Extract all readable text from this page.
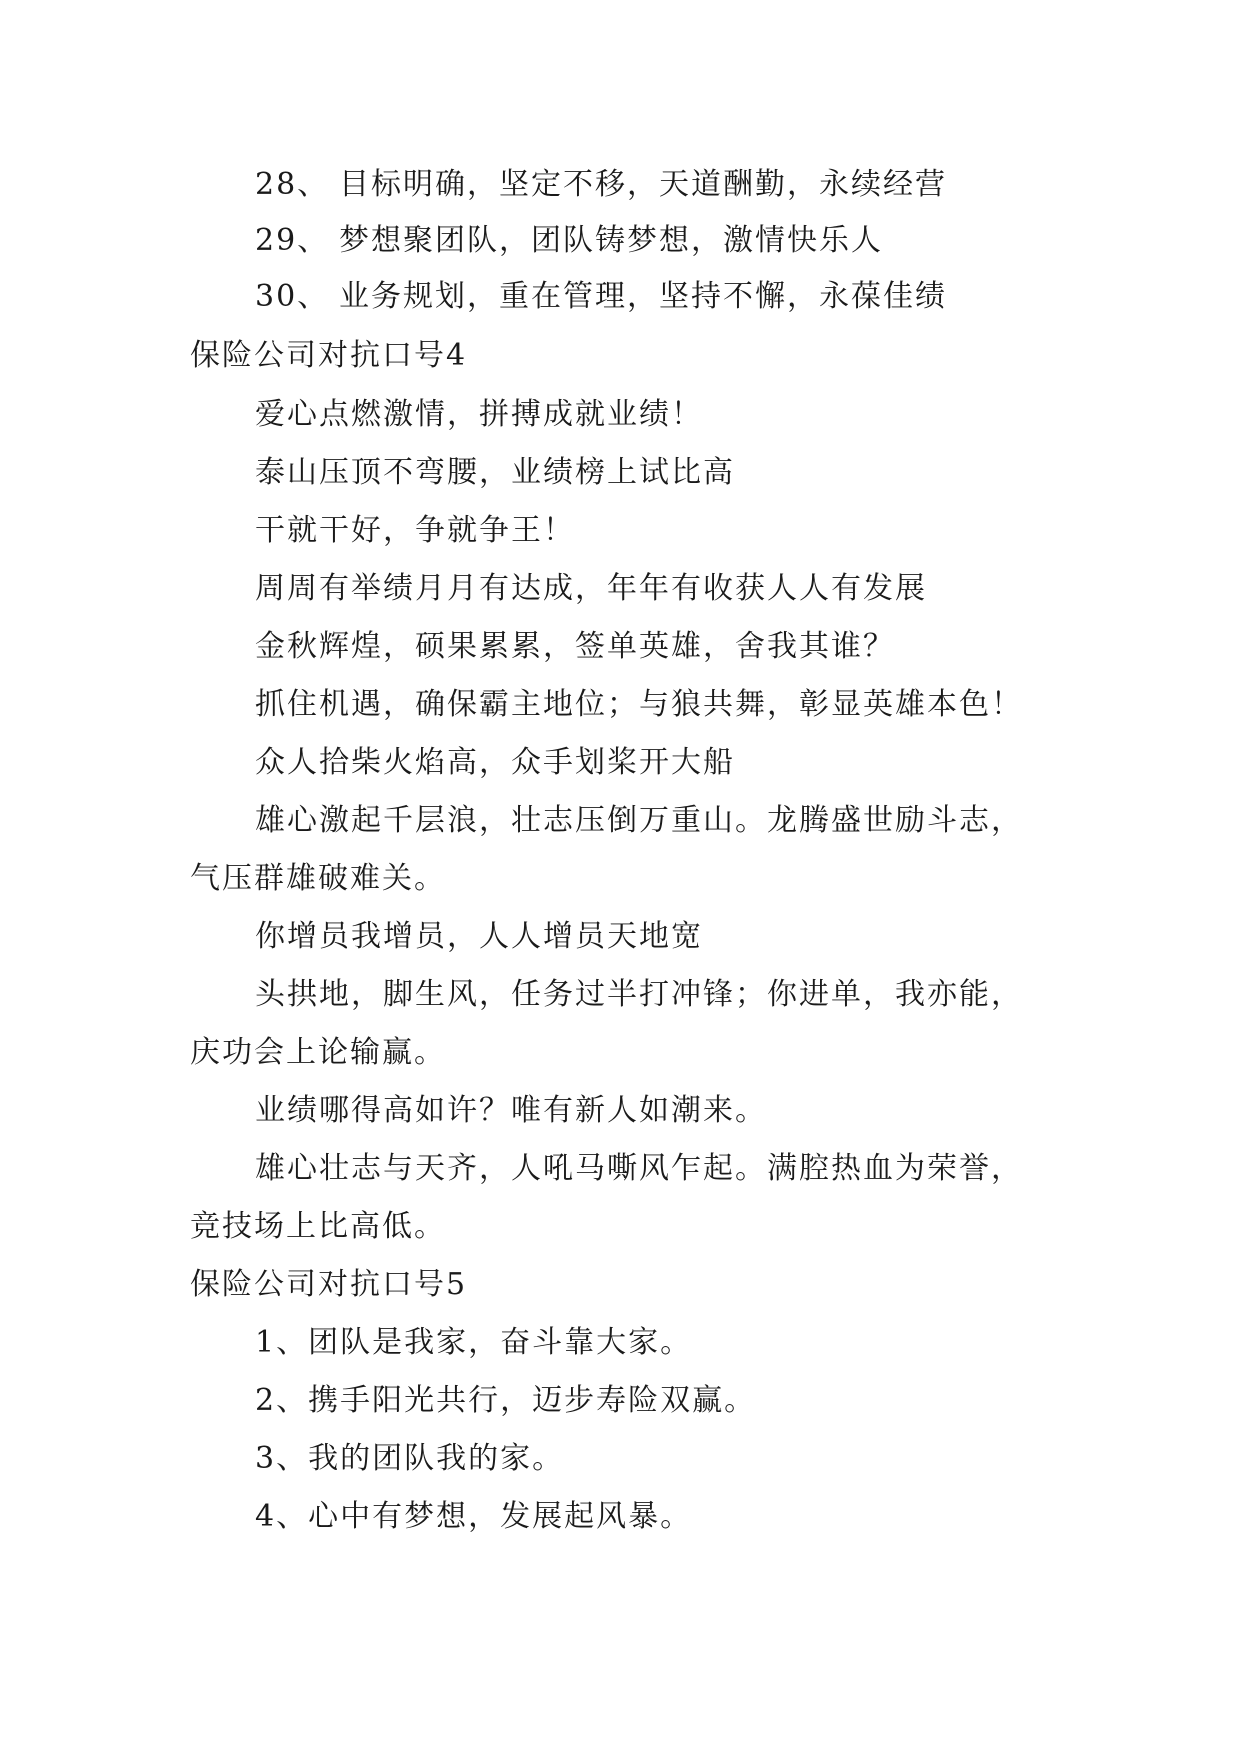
28、 目标明确，坚定不移，天道酬勤，永续经营
29、 梦想聚团队，团队铸梦想，激情快乐人
30、 业务规划，重在管理，坚持不懈，永葆佳绩
保险公司对抗口号4
爱心点燃激情，拼搏成就业绩！
泰山压顶不弯腰，业绩榜上试比高
干就干好，争就争王！
周周有举绩月月有达成，年年有收获人人有发展
金秋辉煌，硕果累累，签单英雄，舍我其谁？
抓住机遇，确保霸主地位；与狼共舞，彰显英雄本色！
众人拾柴火焰高，众手划桨开大船
雄心激起千层浪，壮志压倒万重山。龙腾盛世励斗志，
气压群雄破难关。
你增员我增员，人人增员天地宽
头拱地，脚生风，任务过半打冲锋；你进单，我亦能，
庆功会上论输赢。
业绩哪得高如许？唯有新人如潮来。
雄心壮志与天齐，人吼马嘶风乍起。满腔热血为荣誉，
竞技场上比高低。
保险公司对抗口号5
1、团队是我家，奋斗靠大家。
2、携手阳光共行，迈步寿险双赢。
3、我的团队我的家。
4、心中有梦想，发展起风暴。
